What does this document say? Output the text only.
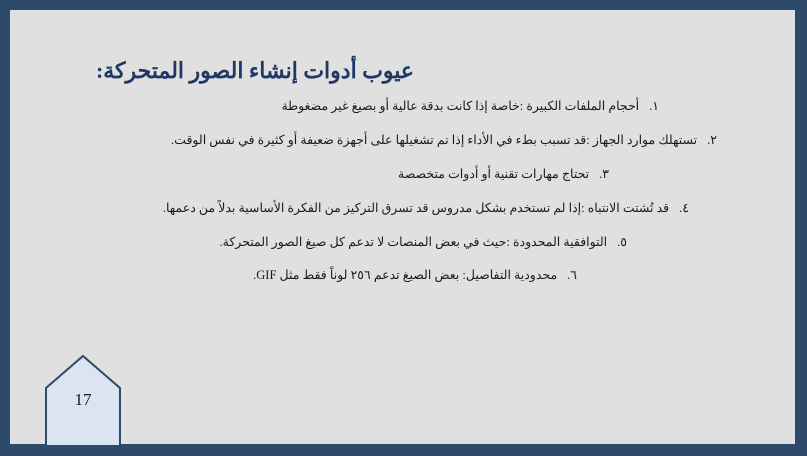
عيوب أدوات إنشاء الصور المتحركة:
١.
أحجام الملفات الكبيرة :خاصة إذا كانت بدقة عالية أو بصيغ غير مضغوطة
٢.
تستهلك موارد الجهاز :قد تسبب بطء في الأداء إذا تم تشغيلها على أجهزة ضعيفة أو كثيرة في نفس الوقت.
٣.
تحتاج مهارات تقنية أو أدوات متخصصة
٤.
قد تُشتت الانتباه :إذا لم تستخدم بشكل مدروس قد تسرق التركيز من الفكرة الأساسية بدلاً من دعمها.
٥.
التوافقية المحدودة :حيث في بعض المنصات لا تدعم كل صيغ الصور المتحركة.
٦.
محدودية التفاصيل: بعض الصيغ تدعم ٢٥٦ لوناً فقط مثل GIF.
17
